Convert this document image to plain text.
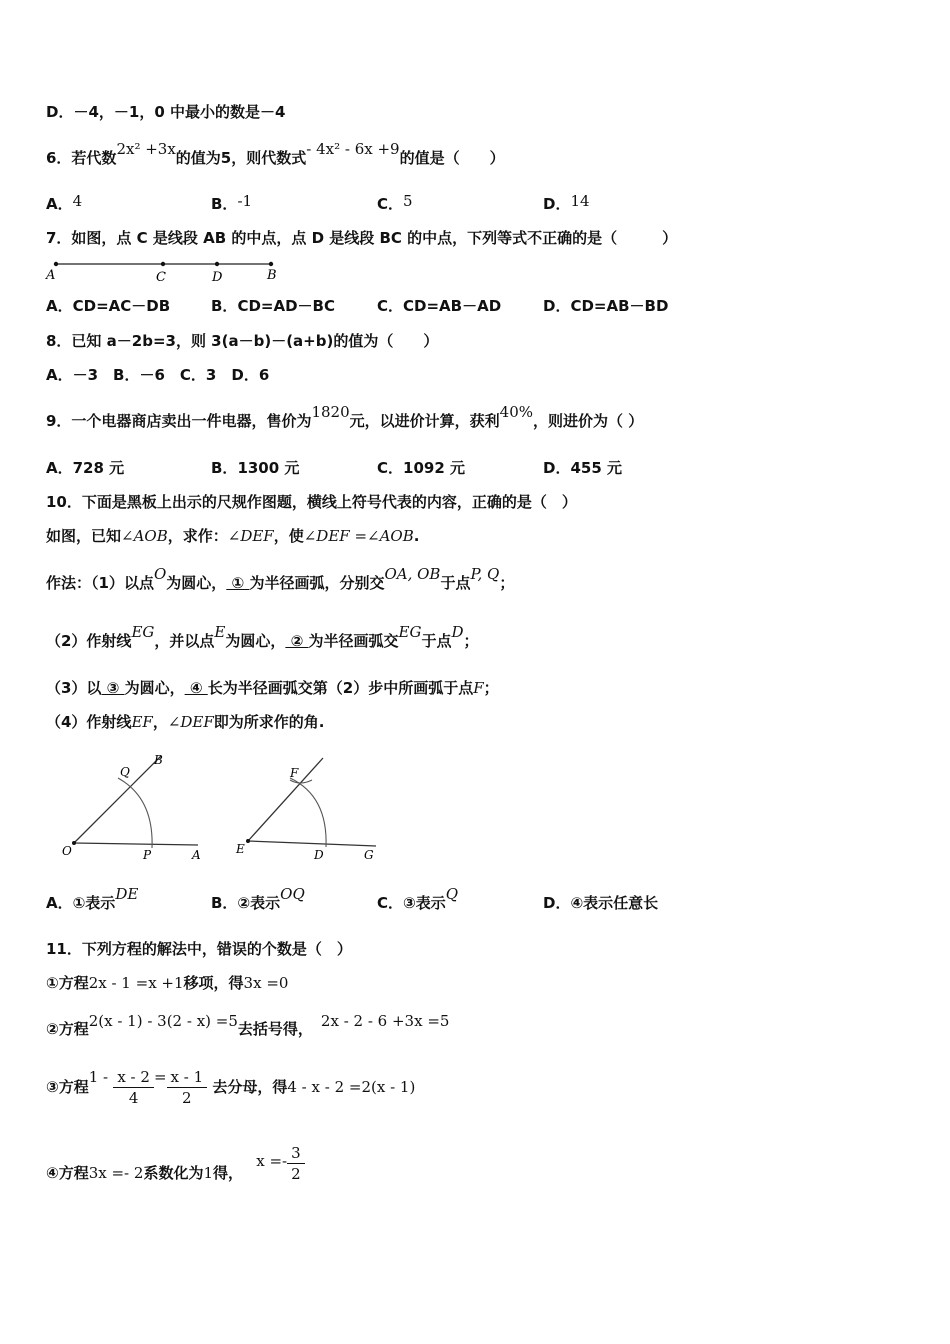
D．－4，－1，0 中最小的数是－4
6．若代数2x² +3x的值为5，则代数式- 4x² - 6x +9的值是（　　）
A．4	B．-1	C．5	D．14
7．如图，点 C 是线段 AB 的中点，点 D 是线段 BC 的中点，下列等式不正确的是（　　　）
A	C	D	B
A．CD=AC－DB	B．CD=AD－BC	C．CD=AB－AD	D．CD=AB－BD
8．已知 a－2b=3，则 3(a－b)－(a+b)的值为（　　）
A．－3　B．－6　C．3　D．6
9．一个电器商店卖出一件电器，售价为1820元，以进价计算，获利40%，则进价为（ ）
A．728 元	B．1300 元	C．1092 元	D．455 元
10．下面是黑板上出示的尺规作图题，横线上符号代表的内容，正确的是（　）
如图，已知∠AOB，求作：∠DEF，使∠DEF =∠AOB.
作法：（1）以点O为圆心， ① 为半径画弧，分别交OA, OB于点P, Q；
（2）作射线EG，并以点E为圆心， ② 为半径画弧交EG于点D；
（3）以 ③ 为圆心， ④ 长为半径画弧交第（2）步中所画弧于点F；
（4）作射线EF，∠DEF即为所求作的角.
O	P	A
Q
B
E	D	G
F
A．①表示DE	B．②表示OQ	C．③表示Q	D．④表示任意长
11．下列方程的解法中，错误的个数是（　）
①方程2x - 1 =x +1移项，得3x =0
②方程2(x - 1) - 3(2 - x) =5去括号得， 2x - 2 - 6 +3x =5
③方程$1 - \frac{x - 2}{4} = \frac{x - 1}{2}$ 去分母，得4 - x - 2 =2(x - 1)
④方程3x =- 2系数化为1得， $x =- \frac{3}{2}$
